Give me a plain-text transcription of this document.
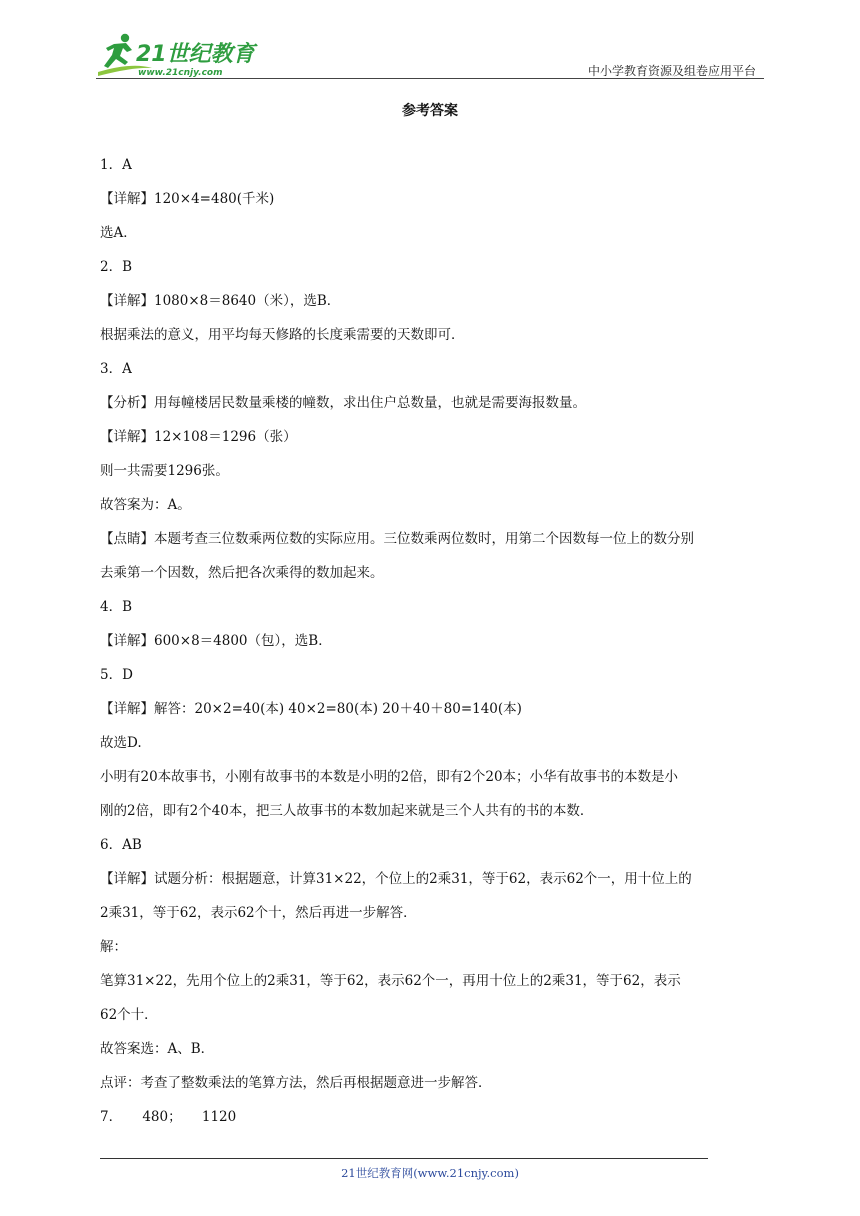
21世纪教育
www.21cnjy.com	中小学教育资源及组卷应用平台
参考答案
1．A
【详解】120×4=480(千米)
选A．
2．B
【详解】1080×8＝8640（米），选B．
根据乘法的意义，用平均每天修路的长度乘需要的天数即可．
3．A
【分析】用每幢楼居民数量乘楼的幢数，求出住户总数量，也就是需要海报数量。
【详解】12×108＝1296（张）
则一共需要1296张。
故答案为：A。
【点睛】本题考查三位数乘两位数的实际应用。三位数乘两位数时，用第二个因数每一位上的数分别
去乘第一个因数，然后把各次乘得的数加起来。
4．B
【详解】600×8＝4800（包），选B．
5．D
【详解】解答：20×2=40(本) 40×2=80(本) 20＋40＋80=140(本)
故选D.
小明有20本故事书，小刚有故事书的本数是小明的2倍，即有2个20本；小华有故事书的本数是小
刚的2倍，即有2个40本，把三人故事书的本数加起来就是三个人共有的书的本数．
6．AB
【详解】试题分析：根据题意，计算31×22，个位上的2乘31，等于62，表示62个一，用十位上的
2乘31，等于62，表示62个十，然后再进一步解答．
解：
笔算31×22，先用个位上的2乘31，等于62，表示62个一，再用十位上的2乘31，等于62，表示
62个十．
故答案选：A、B．
点评：考查了整数乘法的笔算方法，然后再根据题意进一步解答．
7．　　480；　　1120
21世纪教育网(www.21cnjy.com)
